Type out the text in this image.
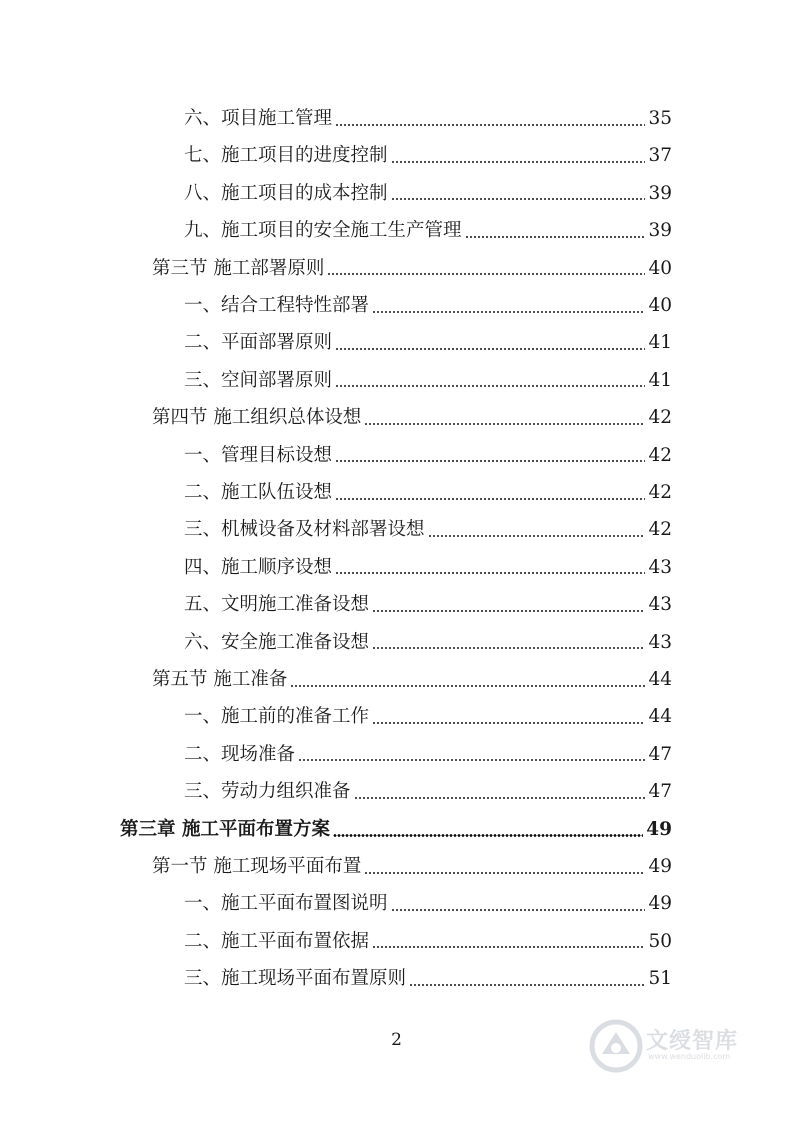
六、项目施工管理	35
七、施工项目的进度控制	37
八、施工项目的成本控制	39
九、施工项目的安全施工生产管理	39
第三节 施工部署原则	40
一、结合工程特性部署	40
二、平面部署原则	41
三、空间部署原则	41
第四节 施工组织总体设想	42
一、管理目标设想	42
二、施工队伍设想	42
三、机械设备及材料部署设想	42
四、施工顺序设想	43
五、文明施工准备设想	43
六、安全施工准备设想	43
第五节 施工准备	44
一、施工前的准备工作	44
二、现场准备	47
三、劳动力组织准备	47
第三章 施工平面布置方案	49
第一节 施工现场平面布置	49
一、施工平面布置图说明	49
二、施工平面布置依据	50
三、施工现场平面布置原则	51
2	文绶智库
www.wenduolib.com
